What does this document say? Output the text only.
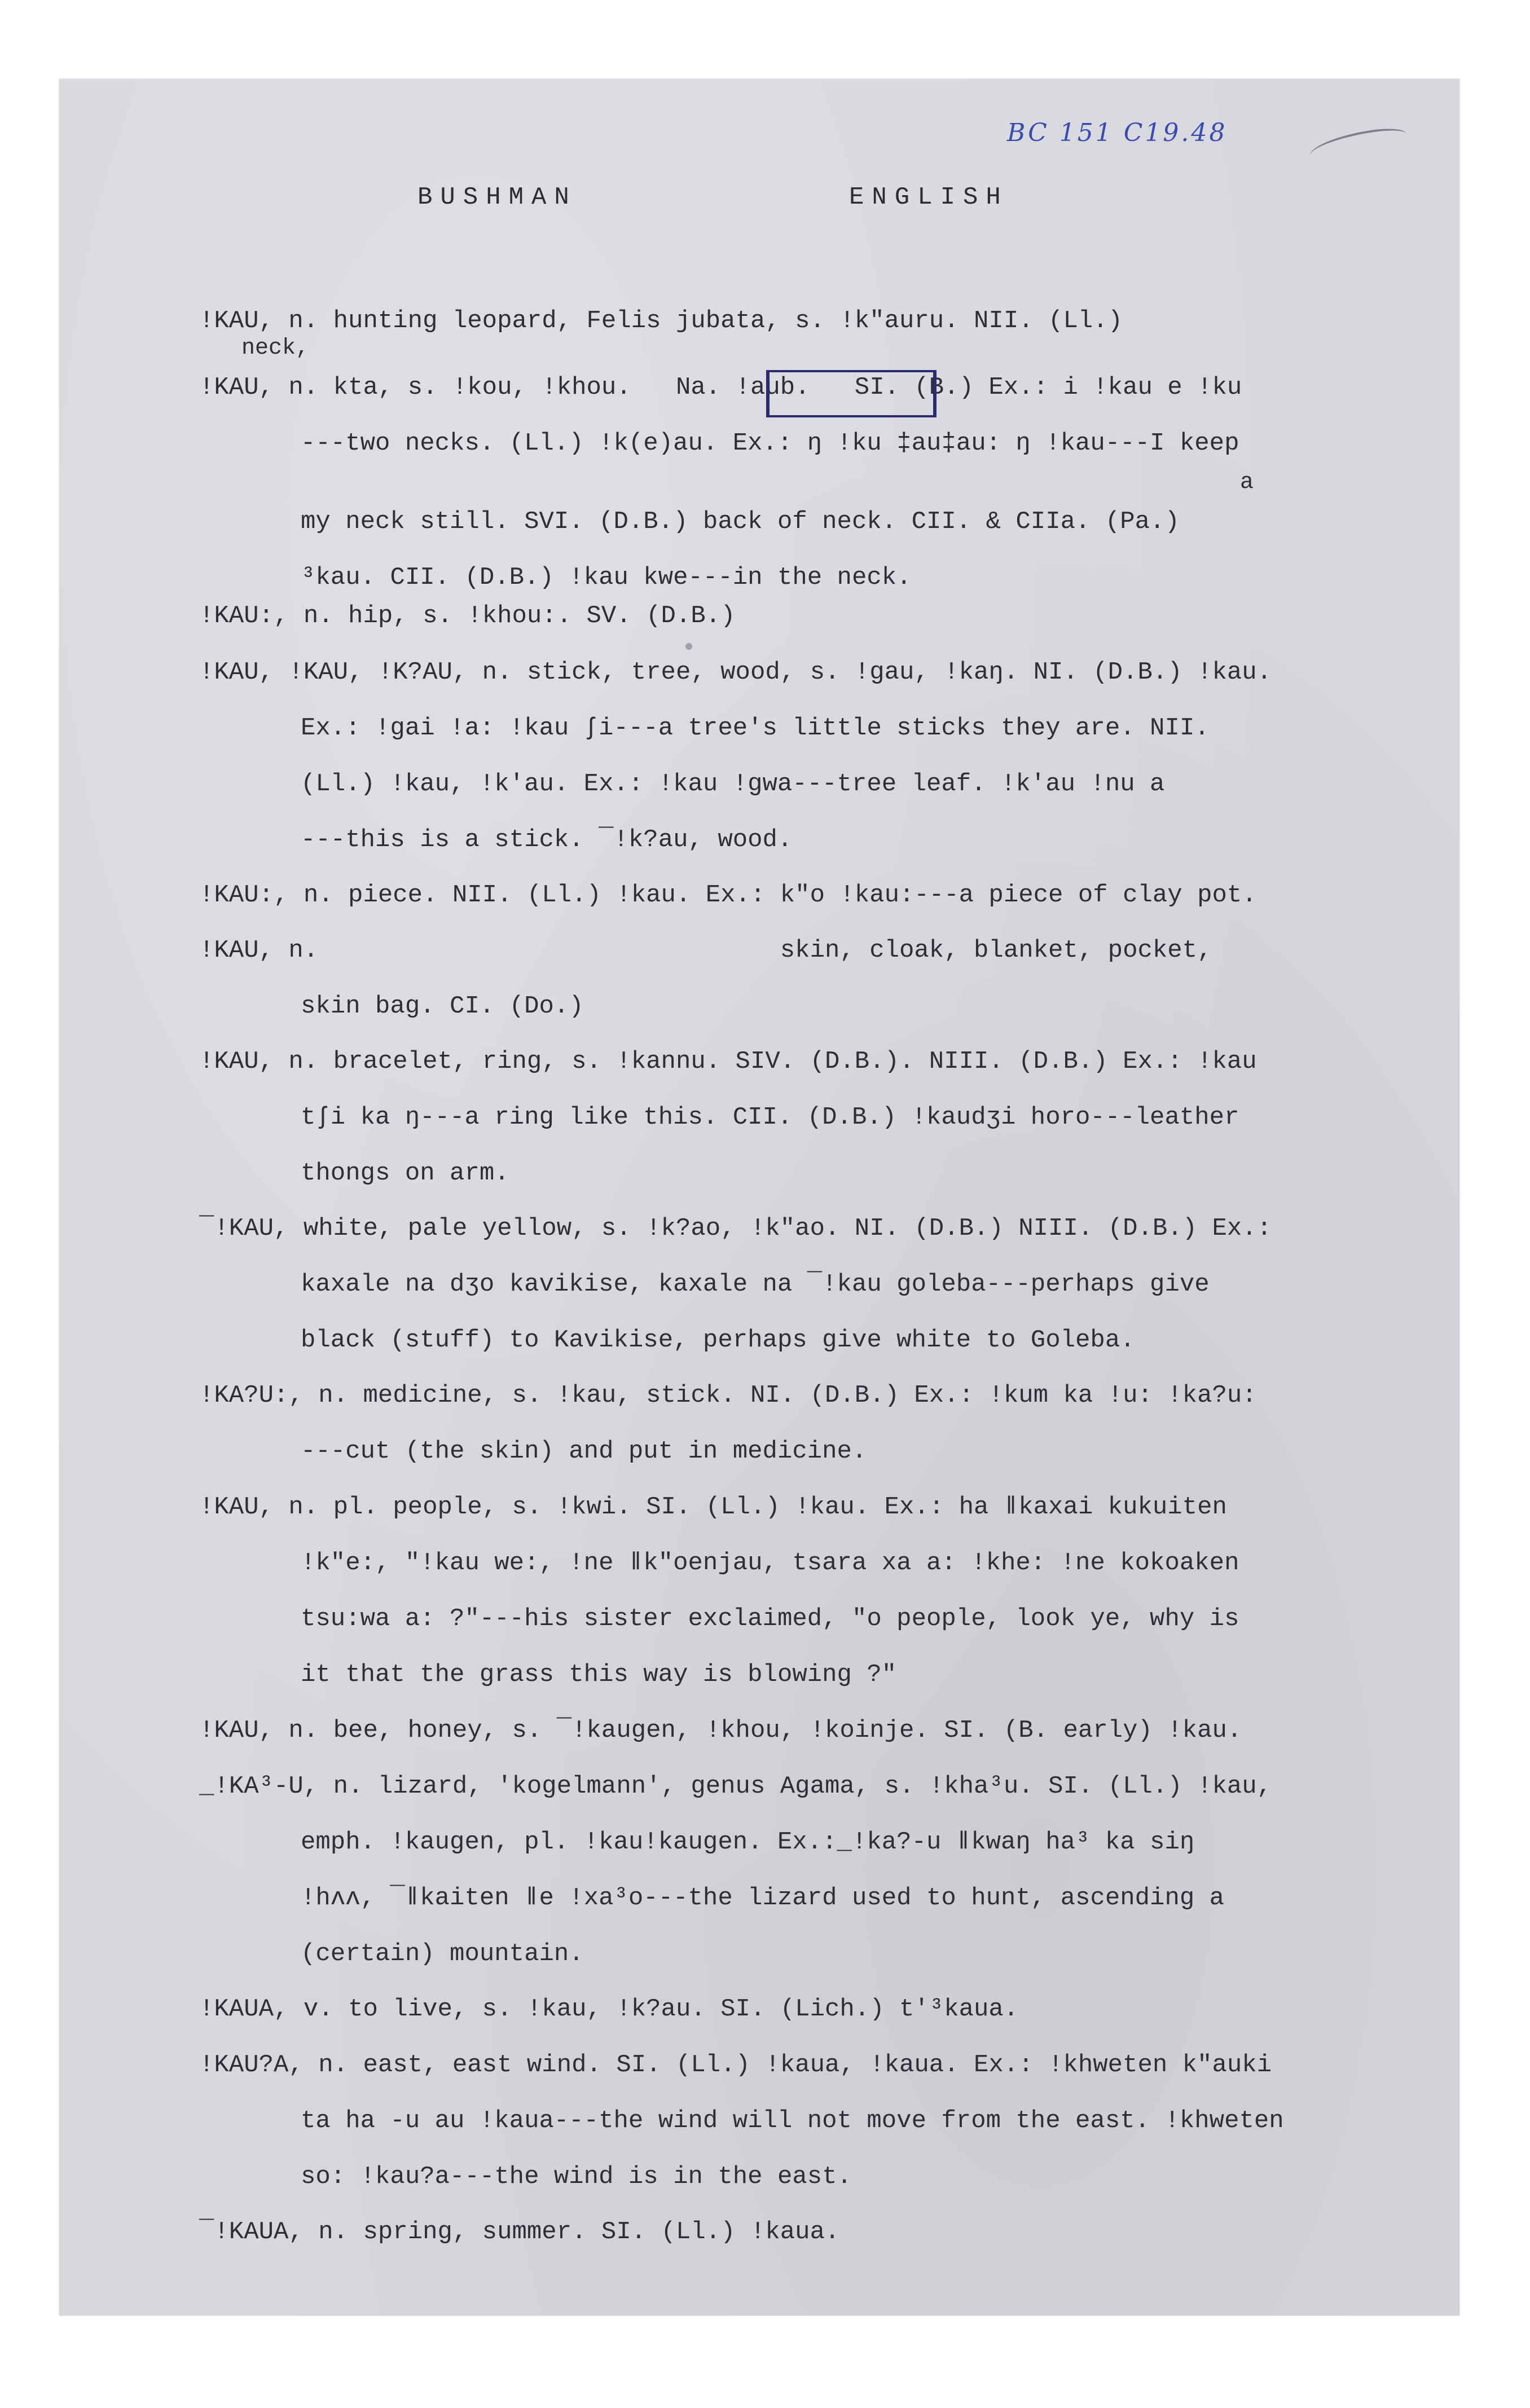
BC 151 C19.48
BUSHMAN	ENGLISH
!KAU, n. hunting leopard, Felis jubata, s. !k"auru. NII. (Ll.)
neck,
!KAU, n. kta, s. !kou, !khou.   Na. !aub.   SI. (B.) Ex.: i !kau e !ku
---two necks. (Ll.) !k(e)au. Ex.: ŋ !ku ‡au‡au: ŋ !kau---I keep
a
my neck still. SVI. (D.B.) back of neck. CII. & CIIa. (Pa.)
³kau. CII. (D.B.) !kau kwe---in the neck.
!KAU:, n. hip, s. !khou:. SV. (D.B.)
!KAU, !KAU, !K?AU, n. stick, tree, wood, s. !gau, !kaŋ. NI. (D.B.) !kau.
Ex.: !gai !a: !kau ʃi---a tree's little sticks they are. NII.
(Ll.) !kau, !k'au. Ex.: !kau !gwa---tree leaf. !k'au !nu a
---this is a stick. ¯!k?au, wood.
!KAU:, n. piece. NII. (Ll.) !kau. Ex.: k"o !kau:---a piece of clay pot.
!KAU, n.                               skin, cloak, blanket, pocket,
skin bag. CI. (Do.)
!KAU, n. bracelet, ring, s. !kannu. SIV. (D.B.). NIII. (D.B.) Ex.: !kau
tʃi ka ŋ---a ring like this. CII. (D.B.) !kaudʒi horo---leather
thongs on arm.
¯!KAU, white, pale yellow, s. !k?ao, !k"ao. NI. (D.B.) NIII. (D.B.) Ex.:
kaxale na dʒo kavikise, kaxale na ¯!kau goleba---perhaps give
black (stuff) to Kavikise, perhaps give white to Goleba.
!KA?U:, n. medicine, s. !kau, stick. NI. (D.B.) Ex.: !kum ka !u: !ka?u:
---cut (the skin) and put in medicine.
!KAU, n. pl. people, s. !kwi. SI. (Ll.) !kau. Ex.: ha ǁkaxai kukuiten
!k"e:, "!kau we:, !ne ǁk"oenjau, tsara xa a: !khe: !ne kokoaken
tsu:wa a: ?"---his sister exclaimed, "o people, look ye, why is
it that the grass this way is blowing ?"
!KAU, n. bee, honey, s. ¯!kaugen, !khou, !koinje. SI. (B. early) !kau.
_!KA³-U, n. lizard, 'kogelmann', genus Agama, s. !kha³u. SI. (Ll.) !kau,
emph. !kaugen, pl. !kau!kaugen. Ex.:_!ka?-u ǁkwaŋ ha³ ka siŋ
!hʌʌ, ¯ǁkaiten ǁe !xa³o---the lizard used to hunt, ascending a
(certain) mountain.
!KAUA, v. to live, s. !kau, !k?au. SI. (Lich.) t'³kaua.
!KAU?A, n. east, east wind. SI. (Ll.) !kaua, !kaua. Ex.: !khweten k"auki
ta ha -u au !kaua---the wind will not move from the east. !khweten
so: !kau?a---the wind is in the east.
¯!KAUA, n. spring, summer. SI. (Ll.) !kaua.
